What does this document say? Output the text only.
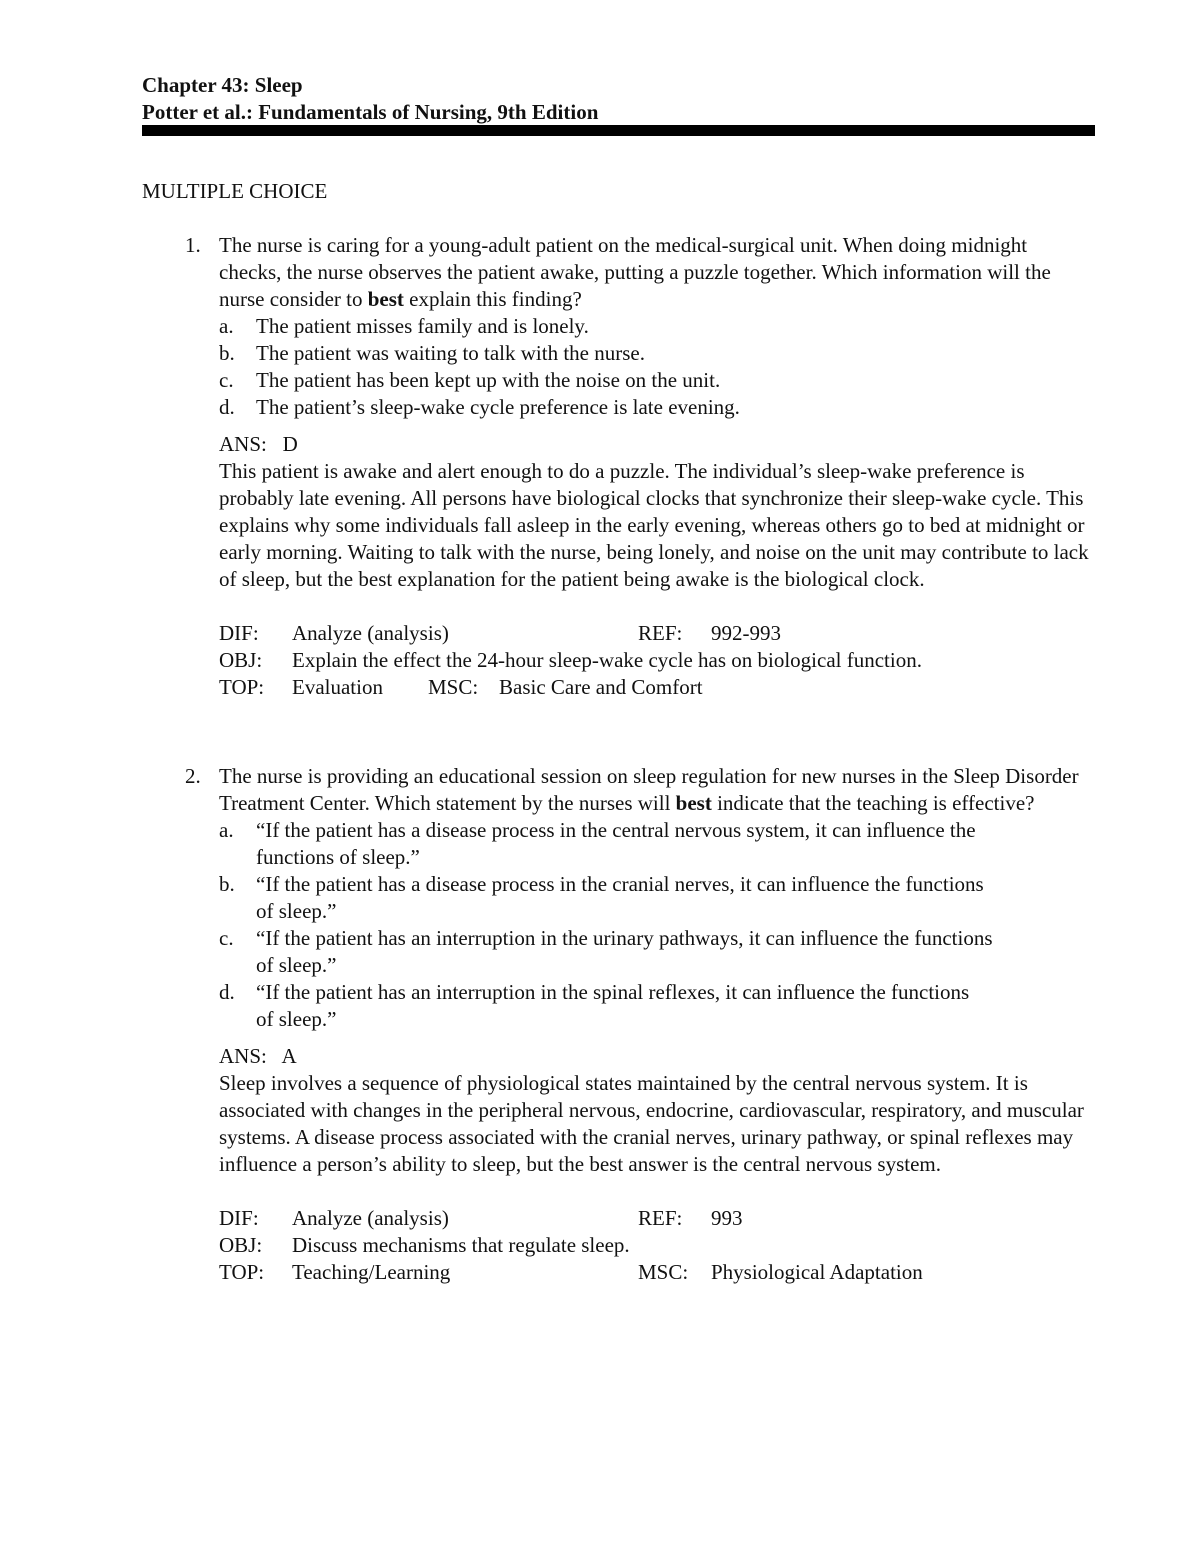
Chapter 43: Sleep
Potter et al.: Fundamentals of Nursing, 9th Edition
MULTIPLE CHOICE
1. The nurse is caring for a young-adult patient on the medical-surgical unit. When doing midnight checks, the nurse observes the patient awake, putting a puzzle together. Which information will the nurse consider to best explain this finding?
a.	The patient misses family and is lonely.
b.	The patient was waiting to talk with the nurse.
c.	The patient has been kept up with the noise on the unit.
d.	The patient’s sleep-wake cycle preference is late evening.
ANS: D
This patient is awake and alert enough to do a puzzle. The individual’s sleep-wake preference is probably late evening. All persons have biological clocks that synchronize their sleep-wake cycle. This explains why some individuals fall asleep in the early evening, whereas others go to bed at midnight or early morning. Waiting to talk with the nurse, being lonely, and noise on the unit may contribute to lack of sleep, but the best explanation for the patient being awake is the biological clock.
DIF:	Analyze (analysis)	REF:	992-993
OBJ:	Explain the effect the 24-hour sleep-wake cycle has on biological function.
TOP:	Evaluation	MSC: Basic Care and Comfort
2. The nurse is providing an educational session on sleep regulation for new nurses in the Sleep Disorder Treatment Center. Which statement by the nurses will best indicate that the teaching is effective?
a.	“If the patient has a disease process in the central nervous system, it can influence the functions of sleep.”
b.	“If the patient has a disease process in the cranial nerves, it can influence the functions of sleep.”
c.	“If the patient has an interruption in the urinary pathways, it can influence the functions of sleep.”
d.	“If the patient has an interruption in the spinal reflexes, it can influence the functions of sleep.”
ANS: A
Sleep involves a sequence of physiological states maintained by the central nervous system. It is associated with changes in the peripheral nervous, endocrine, cardiovascular, respiratory, and muscular systems. A disease process associated with the cranial nerves, urinary pathway, or spinal reflexes may influence a person’s ability to sleep, but the best answer is the central nervous system.
DIF:	Analyze (analysis)	REF:	993
OBJ:	Discuss mechanisms that regulate sleep.
TOP:	Teaching/Learning	MSC:	Physiological Adaptation
